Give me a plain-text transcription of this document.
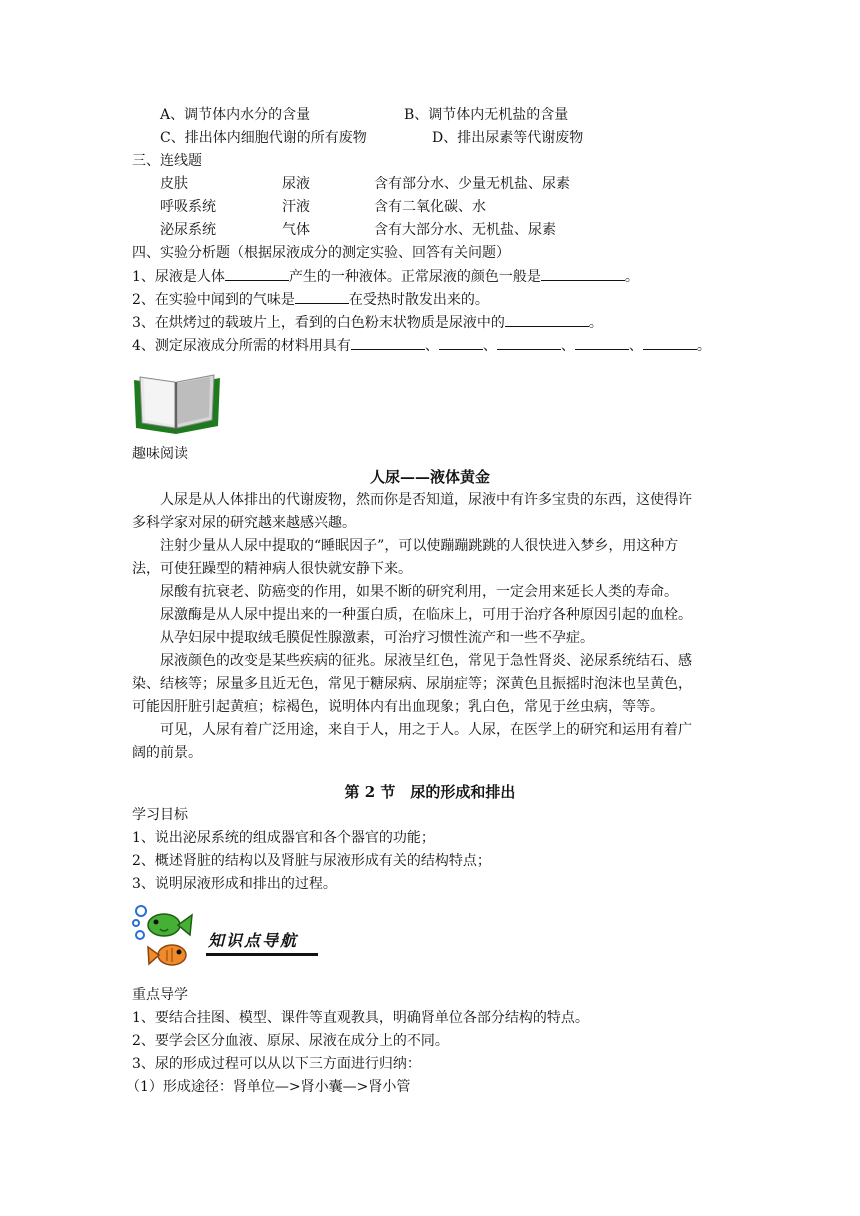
A、调节体内水分的含量	B、调节体内无机盐的含量
C、排出体内细胞代谢的所有废物	D、排出尿素等代谢废物
三、连线题
皮肤	尿液	含有部分水、少量无机盐、尿素
呼吸系统	汗液	含有二氧化碳、水
泌尿系统	气体	含有大部分水、无机盐、尿素
四、实验分析题（根据尿液成分的测定实验、回答有关问题）
1、尿液是人体	产生的一种液体。正常尿液的颜色一般是	。
2、在实验中闻到的气味是	在受热时散发出来的。
3、在烘烤过的载玻片上，看到的白色粉末状物质是尿液中的	。
4、测定尿液成分所需的材料用具有	、	、	、	、	。
趣味阅读
人尿——液体黄金
人尿是从人体排出的代谢废物，然而你是否知道，尿液中有许多宝贵的东西，这使得许
多科学家对尿的研究越来越感兴趣。
注射少量从人尿中提取的“睡眠因子”，可以使蹦蹦跳跳的人很快进入梦乡，用这种方
法，可使狂躁型的精神病人很快就安静下来。
尿酸有抗衰老、防癌变的作用，如果不断的研究利用，一定会用来延长人类的寿命。
尿激酶是从人尿中提出来的一种蛋白质，在临床上，可用于治疗各种原因引起的血栓。
从孕妇尿中提取绒毛膜促性腺激素，可治疗习惯性流产和一些不孕症。
尿液颜色的改变是某些疾病的征兆。尿液呈红色，常见于急性肾炎、泌尿系统结石、感
染、结核等；尿量多且近无色，常见于糖尿病、尿崩症等；深黄色且振摇时泡沫也呈黄色，
可能因肝脏引起黄疸；棕褐色，说明体内有出血现象；乳白色，常见于丝虫病，等等。
可见，人尿有着广泛用途，来自于人，用之于人。人尿，在医学上的研究和运用有着广
阔的前景。
第 2 节　尿的形成和排出
学习目标
1、说出泌尿系统的组成器官和各个器官的功能；
2、概述肾脏的结构以及肾脏与尿液形成有关的结构特点；
3、说明尿液形成和排出的过程。
知识点导航
重点导学
1、要结合挂图、模型、课件等直观教具，明确肾单位各部分结构的特点。
2、要学会区分血液、原尿、尿液在成分上的不同。
3、尿的形成过程可以从以下三方面进行归纳：
（1）形成途径：肾单位—>肾小囊—>肾小管
